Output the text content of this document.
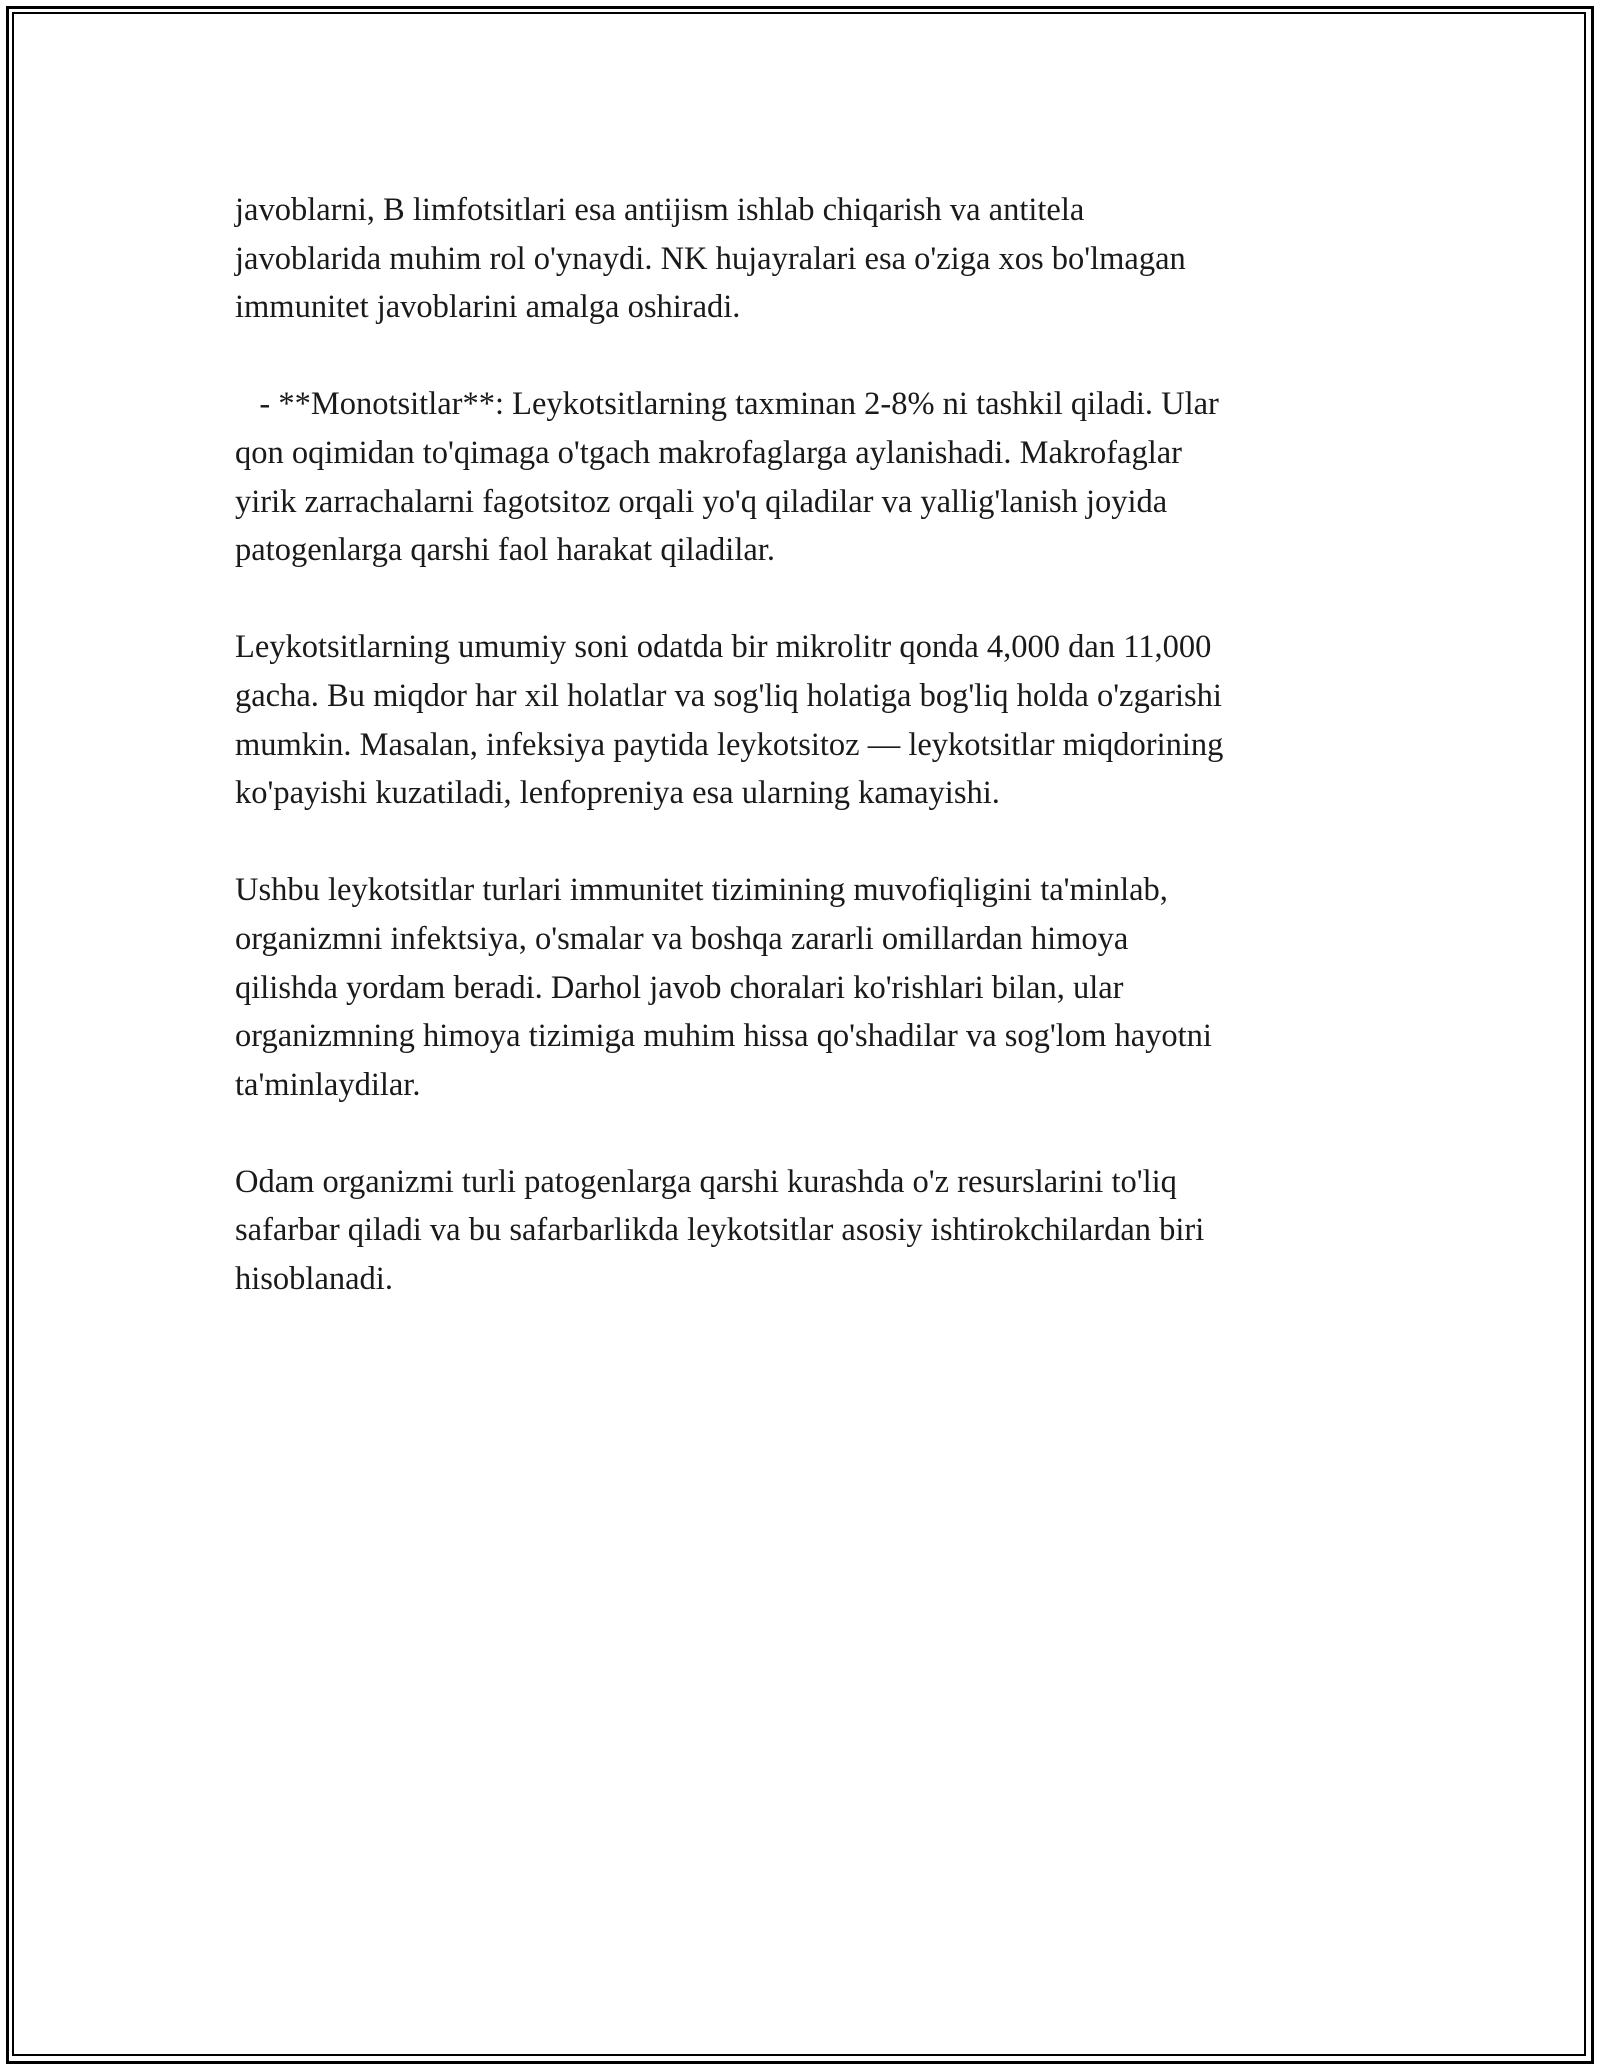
javoblarni, B limfotsitlari esa antijism ishlab chiqarish va antitela
javoblarida muhim rol o'ynaydi. NK hujayralari esa o'ziga xos bo'lmagan
immunitet javoblarini amalga oshiradi.

- **Monotsitlar**: Leykotsitlarning taxminan 2-8% ni tashkil qiladi. Ular
qon oqimidan to'qimaga o'tgach makrofaglarga aylanishadi. Makrofaglar
yirik zarrachalarni fagotsitoz orqali yo'q qiladilar va yallig'lanish joyida
patogenlarga qarshi faol harakat qiladilar.

Leykotsitlarning umumiy soni odatda bir mikrolitr qonda 4,000 dan 11,000
gacha. Bu miqdor har xil holatlar va sog'liq holatiga bog'liq holda o'zgarishi
mumkin. Masalan, infeksiya paytida leykotsitoz — leykotsitlar miqdorining
ko'payishi kuzatiladi, lenfopreniya esa ularning kamayishi.

Ushbu leykotsitlar turlari immunitet tizimining muvofiqligini ta'minlab,
organizmni infektsiya, o'smalar va boshqa zararli omillardan himoya
qilishda yordam beradi. Darhol javob choralari ko'rishlari bilan, ular
organizmning himoya tizimiga muhim hissa qo'shadilar va sog'lom hayotni
ta'minlaydilar.

Odam organizmi turli patogenlarga qarshi kurashda o'z resurslarini to'liq
safarbar qiladi va bu safarbarlikda leykotsitlar asosiy ishtirokchilardan biri
hisoblanadi.
